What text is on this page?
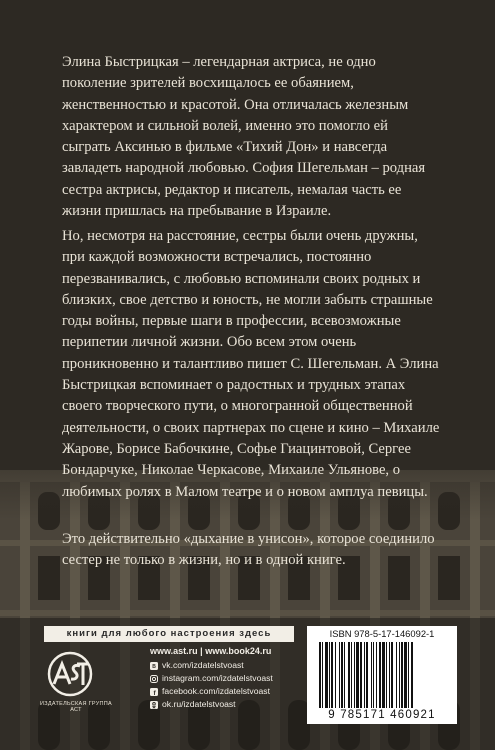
Элина Быстрицкая – легендарная актриса, не одно поколение зрителей восхищалось ее обаянием, женственностью и красотой. Она отличалась железным характером и сильной волей, именно это помогло ей сыграть Аксинью в фильме «Тихий Дон» и навсегда завладеть народной любовью. София Шегельман – родная сестра актрисы, редактор и писатель, немалая часть ее жизни пришлась на пребывание в Израиле.

Но, несмотря на расстояние, сестры были очень дружны, при каждой возможности встречались, постоянно перезванивались, с любовью вспоминали своих родных и близких, свое детство и юность, не могли забыть страшные годы войны, первые шаги в профессии, всевозможные перипетии личной жизни. Обо всем этом очень проникновенно и талантливо пишет С. Шегельман. А Элина Быстрицкая вспоминает о радостных и трудных этапах своего творческого пути, о многогранной общественной деятельности, о своих партнерах по сцене и кино – Михаиле Жарове, Борисе Бабочкине, Софье Гиацинтовой, Сергее Бондарчуке, Николае Черкасове, Михаиле Ульянове, о любимых ролях в Малом театре и о новом амплуа певицы.

Это действительно «дыхание в унисон», которое соединило сестер не только в жизни, но и в одной книге.

книги для любого настроения здесь
ИЗДАТЕЛЬСКАЯ ГРУППА АСТ
www.ast.ru | www.book24.ru
B vk.com/izdatelstvoast
instagram.com/izdatelstvoast
f facebook.com/izdatelstvoast
ok.ru/izdatelstvoast
ISBN 978-5-17-146092-1
9 785171 460921
